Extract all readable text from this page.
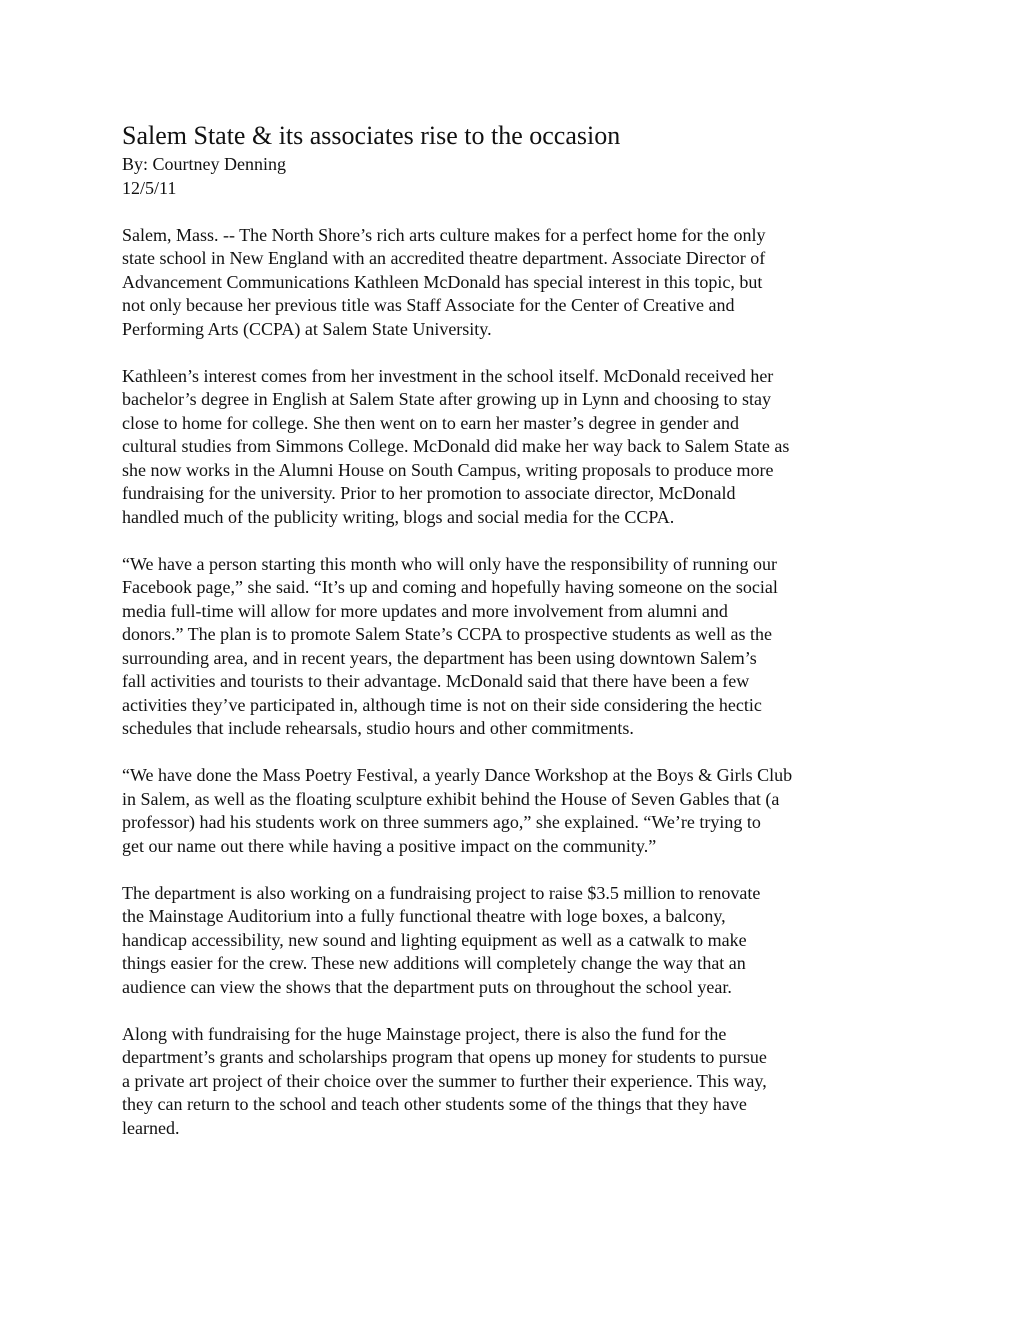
Salem State & its associates rise to the occasion

By: Courtney Denning

12/5/11

Salem, Mass. -- The North Shore’s rich arts culture makes for a perfect home for the only
state school in New England with an accredited theatre department. Associate Director of
Advancement Communications Kathleen McDonald has special interest in this topic, but
not only because her previous title was Staff Associate for the Center of Creative and
Performing Arts (CCPA) at Salem State University.

Kathleen’s interest comes from her investment in the school itself. McDonald received her
bachelor’s degree in English at Salem State after growing up in Lynn and choosing to stay
close to home for college. She then went on to earn her master’s degree in gender and
cultural studies from Simmons College. McDonald did make her way back to Salem State as
she now works in the Alumni House on South Campus, writing proposals to produce more
fundraising for the university. Prior to her promotion to associate director, McDonald
handled much of the publicity writing, blogs and social media for the CCPA.

“We have a person starting this month who will only have the responsibility of running our
Facebook page,” she said. “It’s up and coming and hopefully having someone on the social
media full-time will allow for more updates and more involvement from alumni and
donors.” The plan is to promote Salem State’s CCPA to prospective students as well as the
surrounding area, and in recent years, the department has been using downtown Salem’s
fall activities and tourists to their advantage. McDonald said that there have been a few
activities they’ve participated in, although time is not on their side considering the hectic
schedules that include rehearsals, studio hours and other commitments.

“We have done the Mass Poetry Festival, a yearly Dance Workshop at the Boys & Girls Club
in Salem, as well as the floating sculpture exhibit behind the House of Seven Gables that (a
professor) had his students work on three summers ago,” she explained. “We’re trying to
get our name out there while having a positive impact on the community.”

The department is also working on a fundraising project to raise $3.5 million to renovate
the Mainstage Auditorium into a fully functional theatre with loge boxes, a balcony,
handicap accessibility, new sound and lighting equipment as well as a catwalk to make
things easier for the crew. These new additions will completely change the way that an
audience can view the shows that the department puts on throughout the school year.

Along with fundraising for the huge Mainstage project, there is also the fund for the
department’s grants and scholarships program that opens up money for students to pursue
a private art project of their choice over the summer to further their experience. This way,
they can return to the school and teach other students some of the things that they have
learned.
